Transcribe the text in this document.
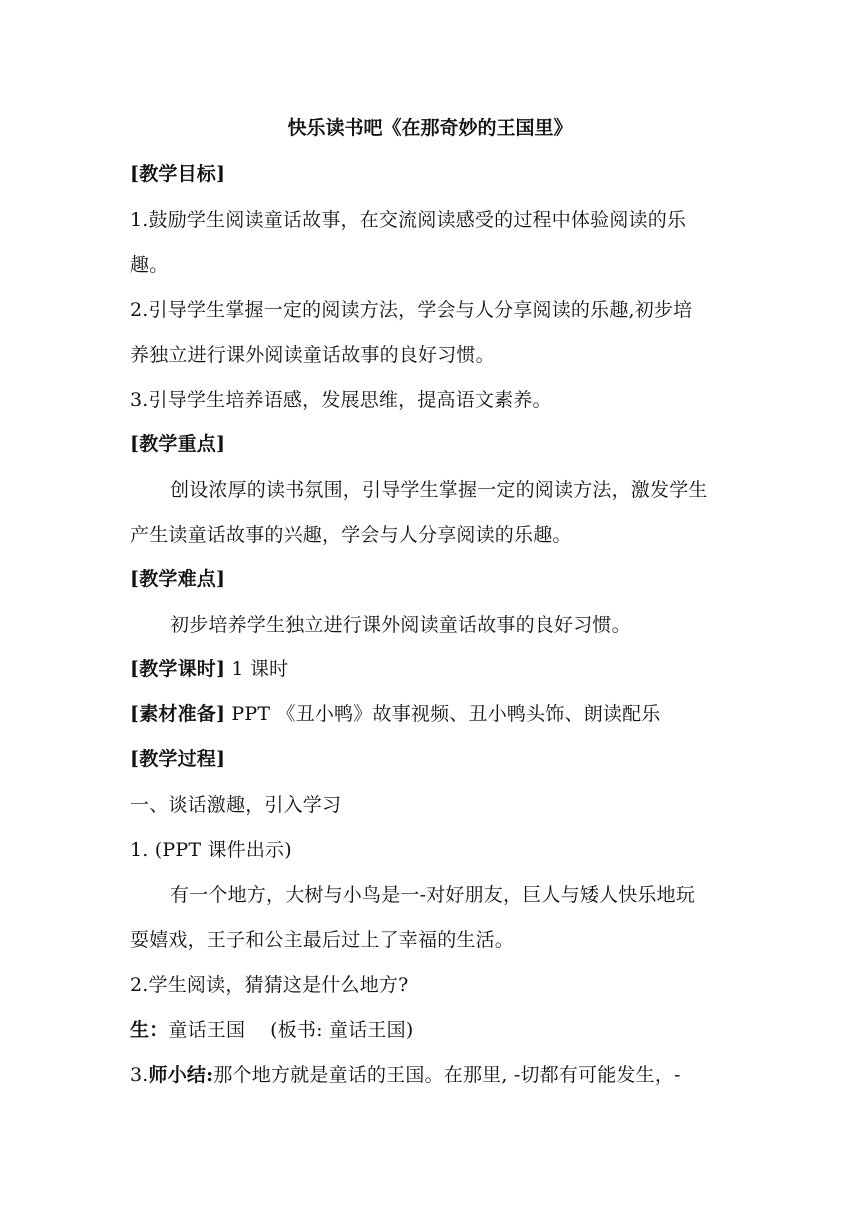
快乐读书吧《在那奇妙的王国里》
[教学目标]
1.鼓励学生阅读童话故事，在交流阅读感受的过程中体验阅读的乐
趣。
2.引导学生掌握一定的阅读方法，学会与人分享阅读的乐趣,初步培
养独立进行课外阅读童话故事的良好习惯。
3.引导学生培养语感，发展思维，提高语文素养。
[教学重点]
创设浓厚的读书氛围，引导学生掌握一定的阅读方法，激发学生
产生读童话故事的兴趣，学会与人分享阅读的乐趣。
[教学难点]
初步培养学生独立进行课外阅读童话故事的良好习惯。
[教学课时] 1 课时
[素材准备] PPT 《丑小鸭》故事视频、丑小鸭头饰、朗读配乐
[教学过程]
一、谈话激趣，引入学习
1. (PPT 课件出示)
有一个地方，大树与小鸟是一-对好朋友，巨人与矮人快乐地玩
耍嬉戏，王子和公主最后过上了幸福的生活。
2.学生阅读，猜猜这是什么地方?
生：童话王国    (板书: 童话王国)
3.师小结:那个地方就是童话的王国。在那里, -切都有可能发生，-
